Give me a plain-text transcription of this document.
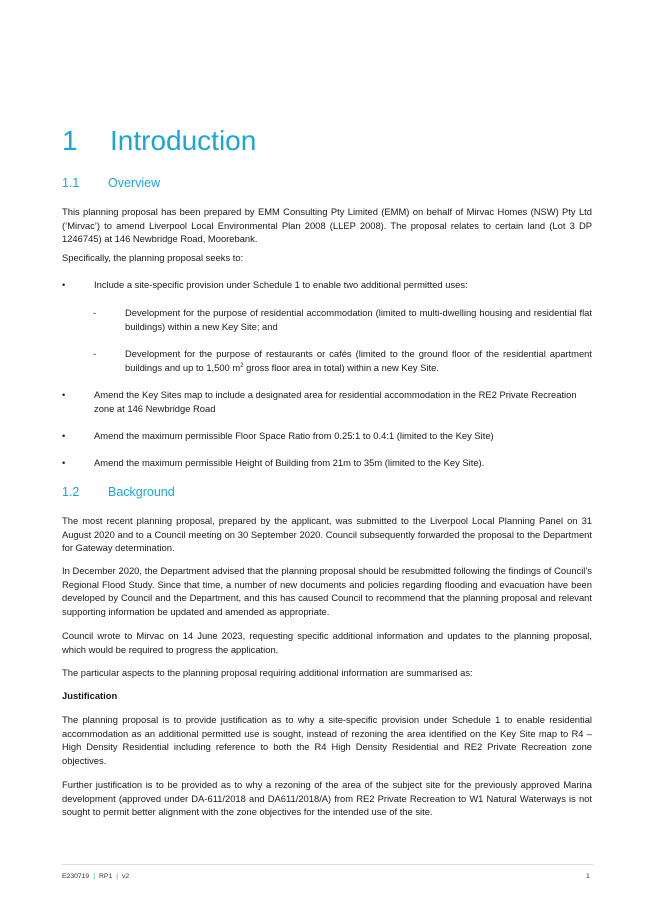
1 Introduction
1.1 Overview
This planning proposal has been prepared by EMM Consulting Pty Limited (EMM) on behalf of Mirvac Homes (NSW) Pty Ltd (‘Mirvac’) to amend Liverpool Local Environmental Plan 2008 (LLEP 2008). The proposal relates to certain land (Lot 3 DP 1246745) at 146 Newbridge Road, Moorebank.
Specifically, the planning proposal seeks to:
•	Include a site-specific provision under Schedule 1 to enable two additional permitted uses:
-	Development for the purpose of residential accommodation (limited to multi-dwelling housing and residential flat buildings) within a new Key Site; and
-	Development for the purpose of restaurants or cafés (limited to the ground floor of the residential apartment buildings and up to 1,500 $m^2$ gross floor area in total) within a new Key Site.
•	Amend the Key Sites map to include a designated area for residential accommodation in the RE2 Private Recreation zone at 146 Newbridge Road
•	Amend the maximum permissible Floor Space Ratio from 0.25:1 to 0.4:1 (limited to the Key Site)
•	Amend the maximum permissible Height of Building from 21m to 35m (limited to the Key Site).
1.2 Background
The most recent planning proposal, prepared by the applicant, was submitted to the Liverpool Local Planning Panel on 31 August 2020 and to a Council meeting on 30 September 2020. Council subsequently forwarded the proposal to the Department for Gateway determination.
In December 2020, the Department advised that the planning proposal should be resubmitted following the findings of Council’s Regional Flood Study. Since that time, a number of new documents and policies regarding flooding and evacuation have been developed by Council and the Department, and this has caused Council to recommend that the planning proposal and relevant supporting information be updated and amended as appropriate.
Council wrote to Mirvac on 14 June 2023, requesting specific additional information and updates to the planning proposal, which would be required to progress the application.
The particular aspects to the planning proposal requiring additional information are summarised as:
Justification
The planning proposal is to provide justification as to why a site-specific provision under Schedule 1 to enable residential accommodation as an additional permitted use is sought, instead of rezoning the area identified on the Key Site map to R4 – High Density Residential including reference to both the R4 High Density Residential and RE2 Private Recreation zone objectives.
Further justification is to be provided as to why a rezoning of the area of the subject site for the previously approved Marina development (approved under DA-611/2018 and DA611/2018/A) from RE2 Private Recreation to W1 Natural Waterways is not sought to permit better alignment with the zone objectives for the intended use of the site.
E230719 | RP1 | v2	1
